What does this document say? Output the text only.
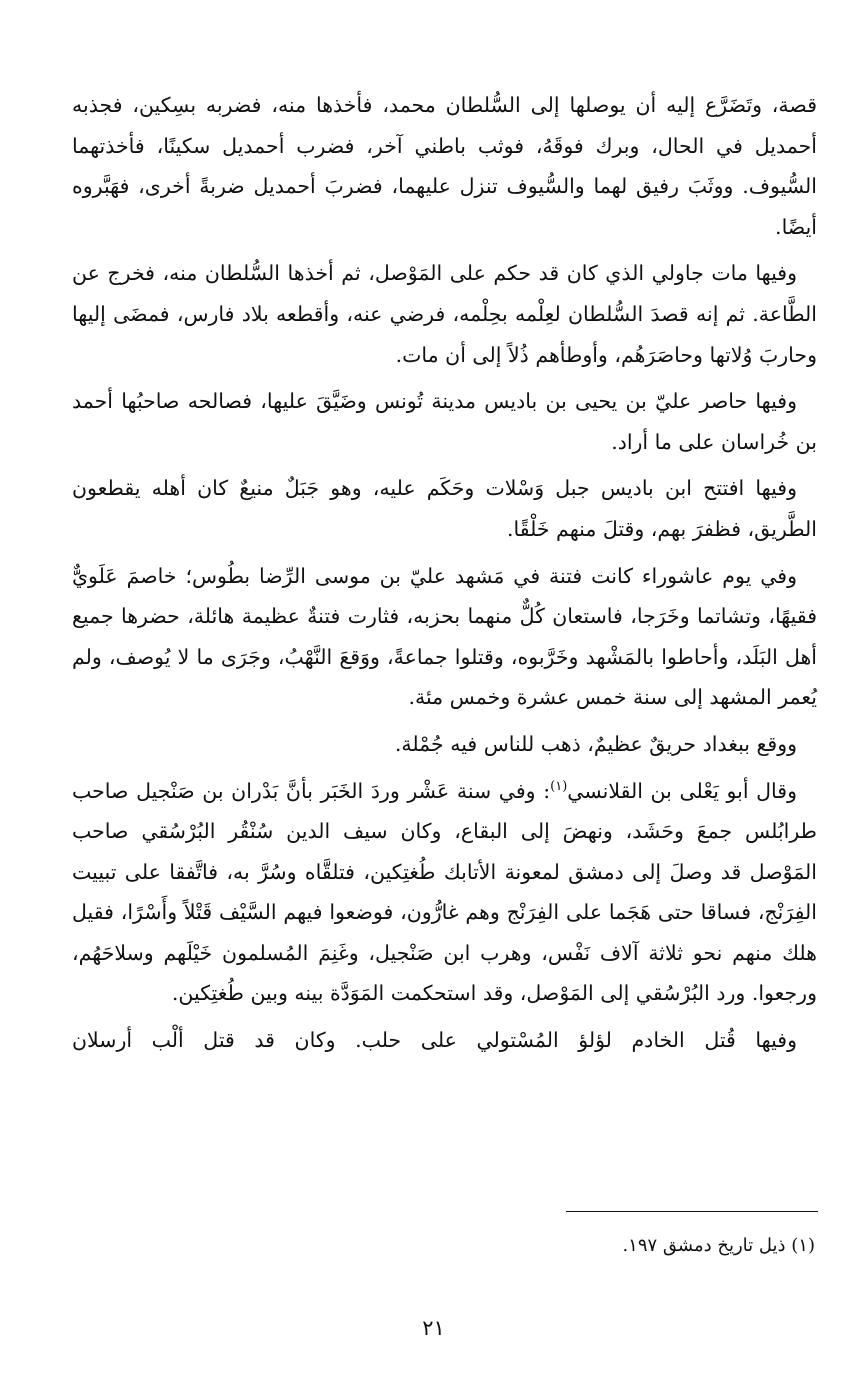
قصة، وتَضَرَّع إليه أن يوصلها إلى السُّلطان محمد، فأخذها منه، فضربه بسِكين، فجذبه أحمديل في الحال، وبرك فوقَهُ، فوثب باطني آخر، فضرب أحمديل سكينًا، فأخذتهما السُّيوف. ووثَبَ رفيق لهما والسُّيوف تنزل عليهما، فضربَ أحمديل ضربةً أخرى، فهَبَّروه أيضًا.

وفيها مات جاولي الذي كان قد حكم على المَوْصل، ثم أخذها السُّلطان منه، فخرج عن الطَّاعة. ثم إنه قصدَ السُّلطان لعِلْمه بحِلْمه، فرضي عنه، وأقطعه بلاد فارس، فمضَى إليها وحاربَ وُلاتها وحاصَرَهُم، وأوطأهم ذُلاً إلى أن مات.

وفيها حاصر عليّ بن يحيى بن باديس مدينة تُونس وضَيَّقَ عليها، فصالحه صاحبُها أحمد بن خُراسان على ما أراد.

وفيها افتتح ابن باديس جبل وَسْلات وحَكَم عليه، وهو جَبَلٌ منيعٌ كان أهله يقطعون الطَّريق، فظفرَ بهم، وقتلَ منهم خَلْقًا.

وفي يوم عاشوراء كانت فتنة في مَشهد عليّ بن موسى الرِّضا بطُوس؛ خاصمَ عَلَويٌّ فقيهًا، وتشاتما وخَرَجا، فاستعان كُلٌّ منهما بحزبه، فثارت فتنةٌ عظيمة هائلة، حضرها جميع أهل البَلَد، وأحاطوا بالمَشْهد وخَرَّبوه، وقتلوا جماعةً، ووَقعَ النَّهْبُ، وجَرَى ما لا يُوصف، ولم يُعمر المشهد إلى سنة خمس عشرة وخمس مئة.

ووقع ببغداد حريقٌ عظيمٌ، ذهب للناس فيه جُمْلة.

وقال أبو يَعْلى بن القلانسي$^{(١)}$: وفي سنة عَشْر وردَ الخَبَر بأنَّ بَدْران بن صَنْجيل صاحب طرابُلس جمعَ وحَشَد، ونهضَ إلى البقاع، وكان سيف الدين سُنْقُر البُرْسُقي صاحب المَوْصل قد وصلَ إلى دمشق لمعونة الأتابك طُغتِكين، فتلقَّاه وسُرَّ به، فاتَّفقا على تبييت الفِرَنْج، فساقا حتى هَجَما على الفِرَنْج وهم غارُّون، فوضعوا فيهم السَّيْف قَتْلاً وأَسْرًا، فقيل هلك منهم نحو ثلاثة آلاف نَفْس، وهرب ابن صَنْجيل، وغَنِمَ المُسلمون خَيْلَهم وسلاحَهُم، ورجعوا. ورد البُرْسُقي إلى المَوْصل، وقد استحكمت المَوَدَّة بينه وبين طُغتِكين.

وفيها قُتل الخادم لؤلؤ المُسْتولي على حلب. وكان قد قتل ألْب أرسلان

(١) ذيل تاريخ دمشق ١٩٧.
٢١
